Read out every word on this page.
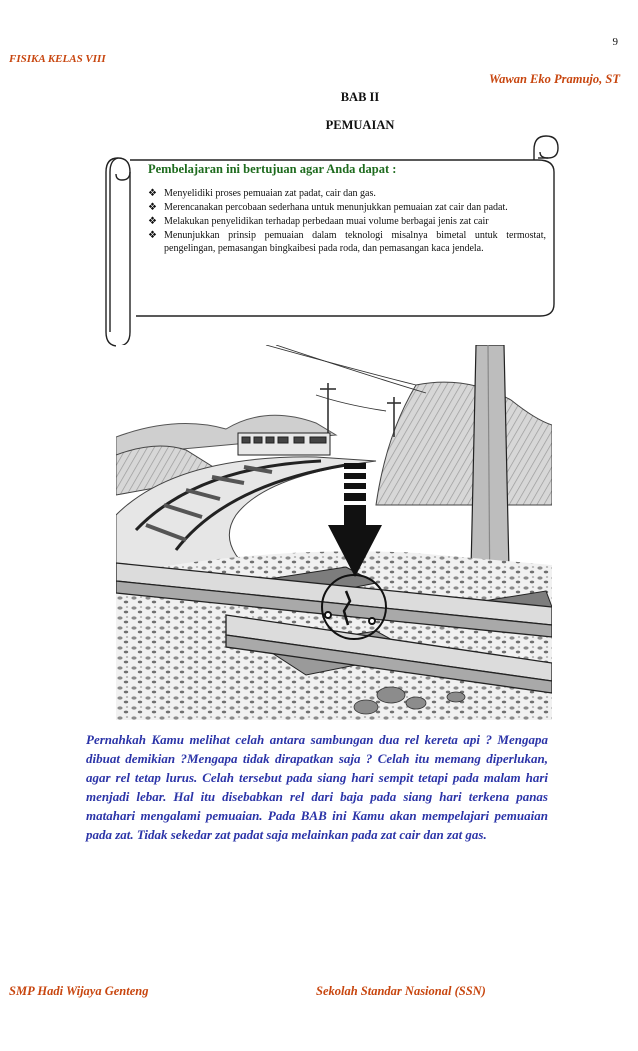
9
FISIKA KELAS VIII
Wawan Eko Pramujo, ST
BAB II
PEMUAIAN

Pembelajaran ini bertujuan agar Anda dapat :

❖ Menyelidiki proses pemuaian zat padat, cair dan gas.
❖ Merencanakan percobaan sederhana untuk menunjukkan pemuaian zat cair dan padat.
❖ Melakukan penyelidikan terhadap perbedaan muai volume berbagai jenis zat cair
❖ Menunjukkan prinsip pemuaian dalam teknologi misalnya bimetal untuk termostat, pengelingan, pemasangan bingkaibesi pada roda, dan pemasangan kaca jendela.

Pernahkah Kamu melihat celah antara sambungan dua rel kereta api ? Mengapa dibuat demikian ?Mengapa tidak dirapatkan saja ? Celah itu memang diperlukan, agar rel tetap lurus. Celah tersebut pada siang hari sempit tetapi pada malam hari menjadi lebar. Hal itu disebabkan rel dari baja pada siang hari terkena panas matahari mengalami pemuaian. Pada BAB ini Kamu akan mempelajari pemuaian pada zat. Tidak sekedar zat padat saja melainkan pada zat cair dan zat gas.

SMP Hadi Wijaya Genteng	Sekolah Standar Nasional (SSN)
